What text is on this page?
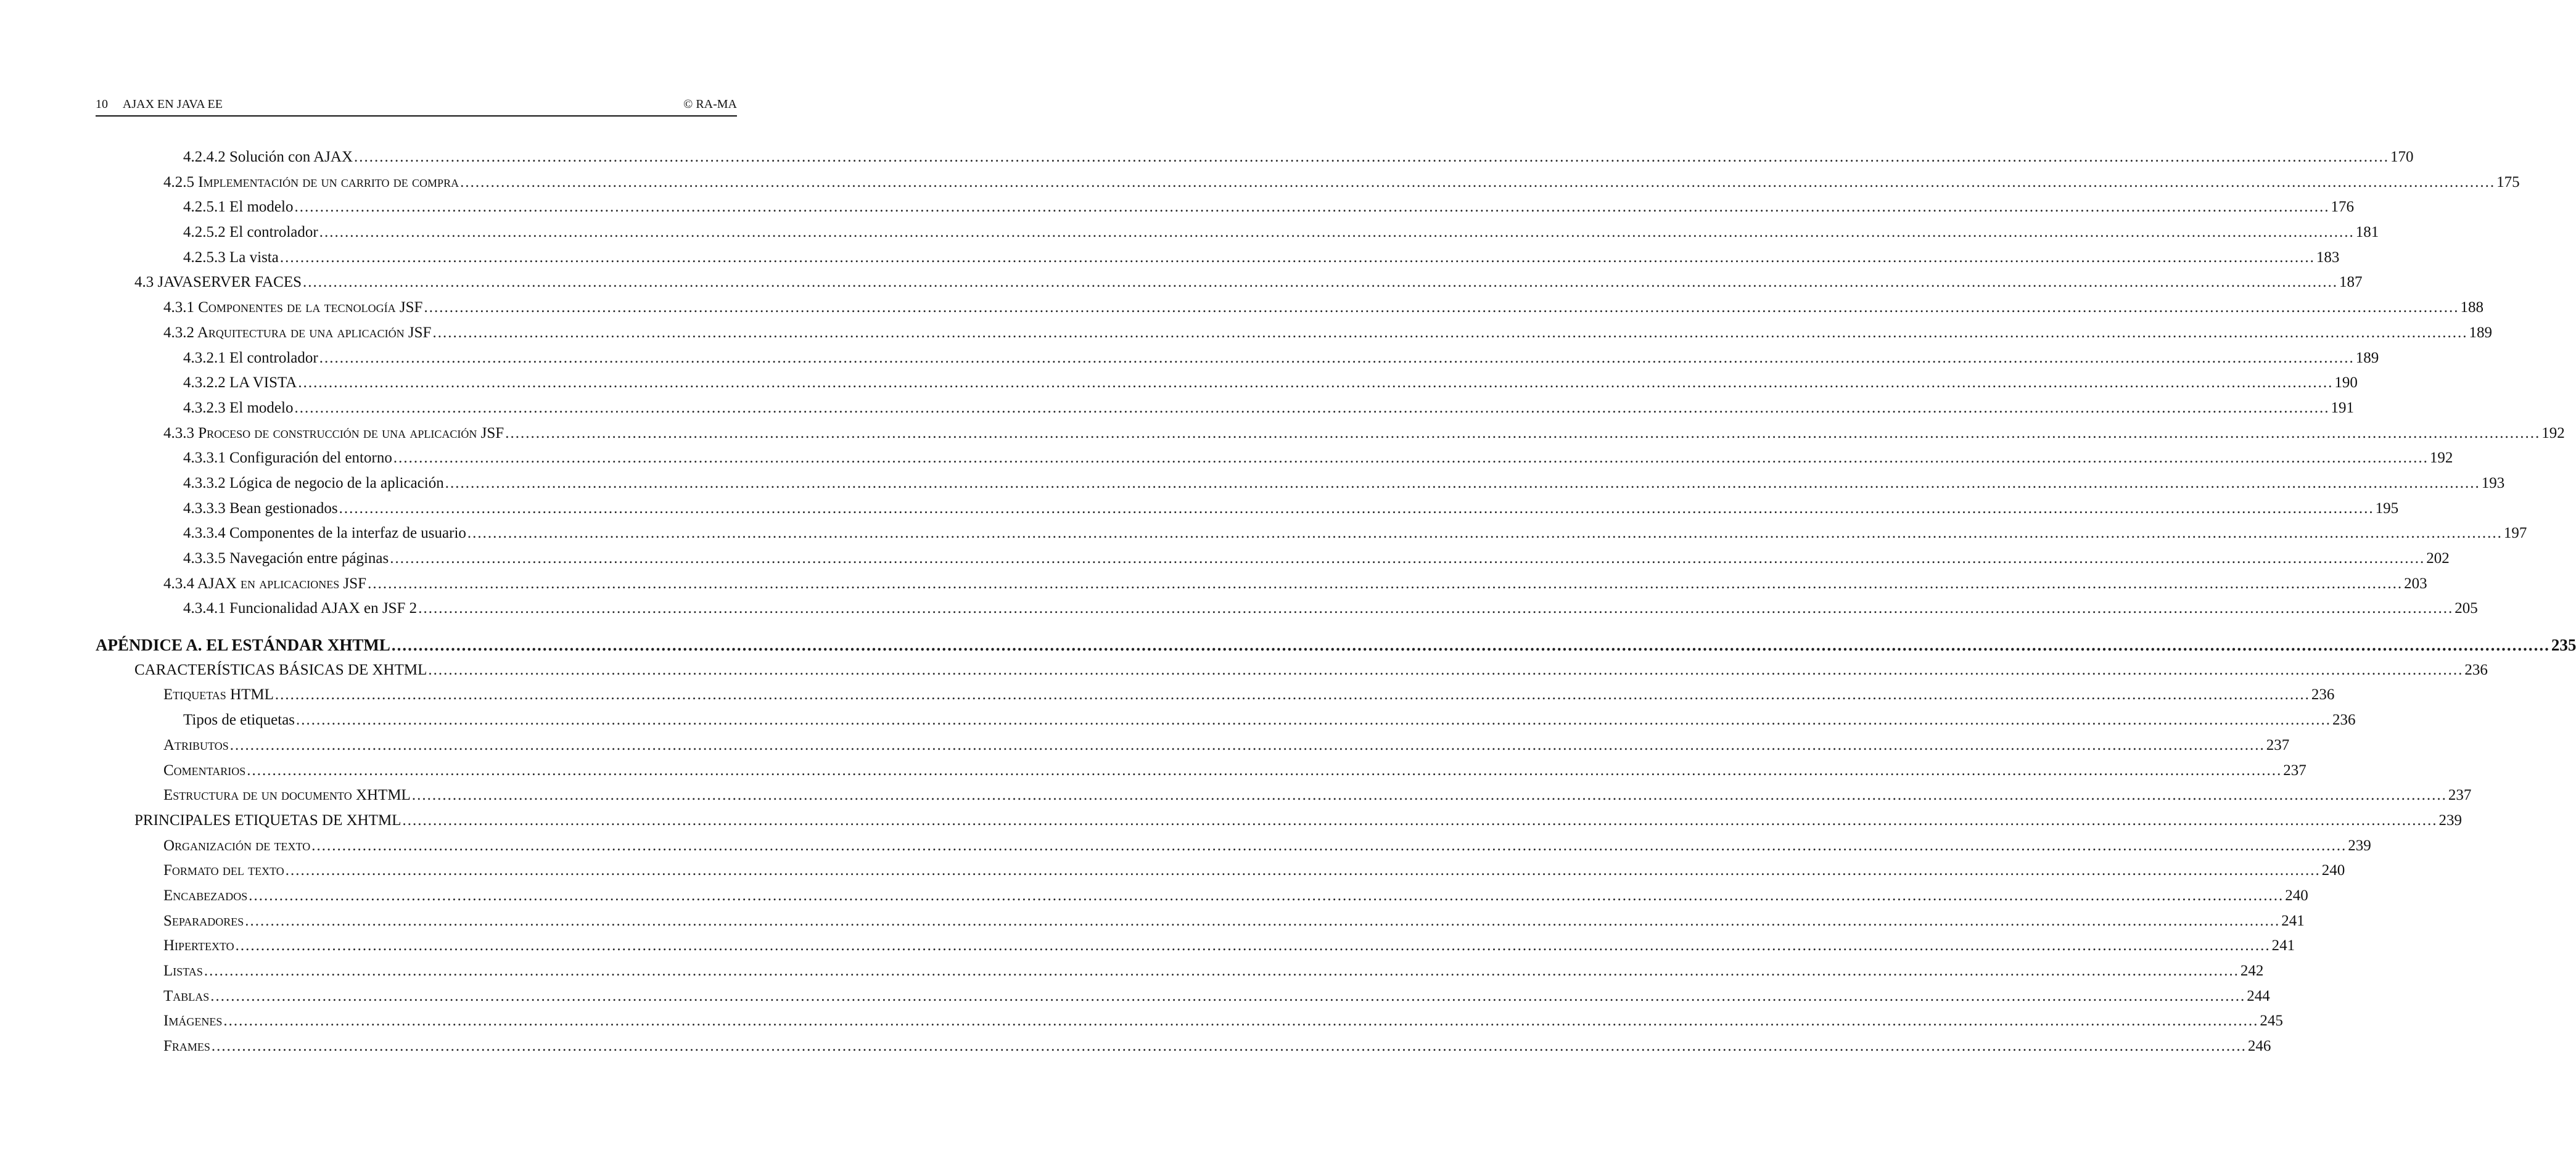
10 AJAX EN JAVA EE	© RA-MA
4.2.4.2 Solución con AJAX ................................................................................................................................................................................................................................................................................................................................................................................................................ 170
4.2.5 Implementación de un carrito de compra ................................................................................................................................................................................................................................................................................................................................................................................................................ 175
4.2.5.1 El modelo ................................................................................................................................................................................................................................................................................................................................................................................................................ 176
4.2.5.2 El controlador ................................................................................................................................................................................................................................................................................................................................................................................................................ 181
4.2.5.3 La vista ................................................................................................................................................................................................................................................................................................................................................................................................................ 183
4.3 JAVASERVER FACES ................................................................................................................................................................................................................................................................................................................................................................................................................ 187
4.3.1 Componentes de la tecnología JSF ................................................................................................................................................................................................................................................................................................................................................................................................................ 188
4.3.2 Arquitectura de una aplicación JSF ................................................................................................................................................................................................................................................................................................................................................................................................................ 189
4.3.2.1 El controlador ................................................................................................................................................................................................................................................................................................................................................................................................................ 189
4.3.2.2 LA VISTA ................................................................................................................................................................................................................................................................................................................................................................................................................ 190
4.3.2.3 El modelo ................................................................................................................................................................................................................................................................................................................................................................................................................ 191
4.3.3 Proceso de construcción de una aplicación JSF ................................................................................................................................................................................................................................................................................................................................................................................................................ 192
4.3.3.1 Configuración del entorno ................................................................................................................................................................................................................................................................................................................................................................................................................ 192
4.3.3.2 Lógica de negocio de la aplicación ................................................................................................................................................................................................................................................................................................................................................................................................................ 193
4.3.3.3 Bean gestionados ................................................................................................................................................................................................................................................................................................................................................................................................................ 195
4.3.3.4 Componentes de la interfaz de usuario ................................................................................................................................................................................................................................................................................................................................................................................................................ 197
4.3.3.5 Navegación entre páginas ................................................................................................................................................................................................................................................................................................................................................................................................................ 202
4.3.4 AJAX en aplicaciones JSF ................................................................................................................................................................................................................................................................................................................................................................................................................ 203
4.3.4.1 Funcionalidad AJAX en JSF 2 ................................................................................................................................................................................................................................................................................................................................................................................................................ 205
APÉNDICE A. EL ESTÁNDAR XHTML ................................................................................................................................................................................................................................................................................................................................................................................................................ 235
CARACTERÍSTICAS BÁSICAS DE XHTML ................................................................................................................................................................................................................................................................................................................................................................................................................ 236
Etiquetas HTML ................................................................................................................................................................................................................................................................................................................................................................................................................ 236
Tipos de etiquetas ................................................................................................................................................................................................................................................................................................................................................................................................................ 236
Atributos ................................................................................................................................................................................................................................................................................................................................................................................................................ 237
Comentarios ................................................................................................................................................................................................................................................................................................................................................................................................................ 237
Estructura de un documento XHTML ................................................................................................................................................................................................................................................................................................................................................................................................................ 237
PRINCIPALES ETIQUETAS DE XHTML ................................................................................................................................................................................................................................................................................................................................................................................................................ 239
Organización de texto ................................................................................................................................................................................................................................................................................................................................................................................................................ 239
Formato del texto ................................................................................................................................................................................................................................................................................................................................................................................................................ 240
Encabezados ................................................................................................................................................................................................................................................................................................................................................................................................................ 240
Separadores ................................................................................................................................................................................................................................................................................................................................................................................................................ 241
Hipertexto ................................................................................................................................................................................................................................................................................................................................................................................................................ 241
Listas ................................................................................................................................................................................................................................................................................................................................................................................................................ 242
Tablas ................................................................................................................................................................................................................................................................................................................................................................................................................ 244
Imágenes ................................................................................................................................................................................................................................................................................................................................................................................................................ 245
Frames ................................................................................................................................................................................................................................................................................................................................................................................................................ 246
